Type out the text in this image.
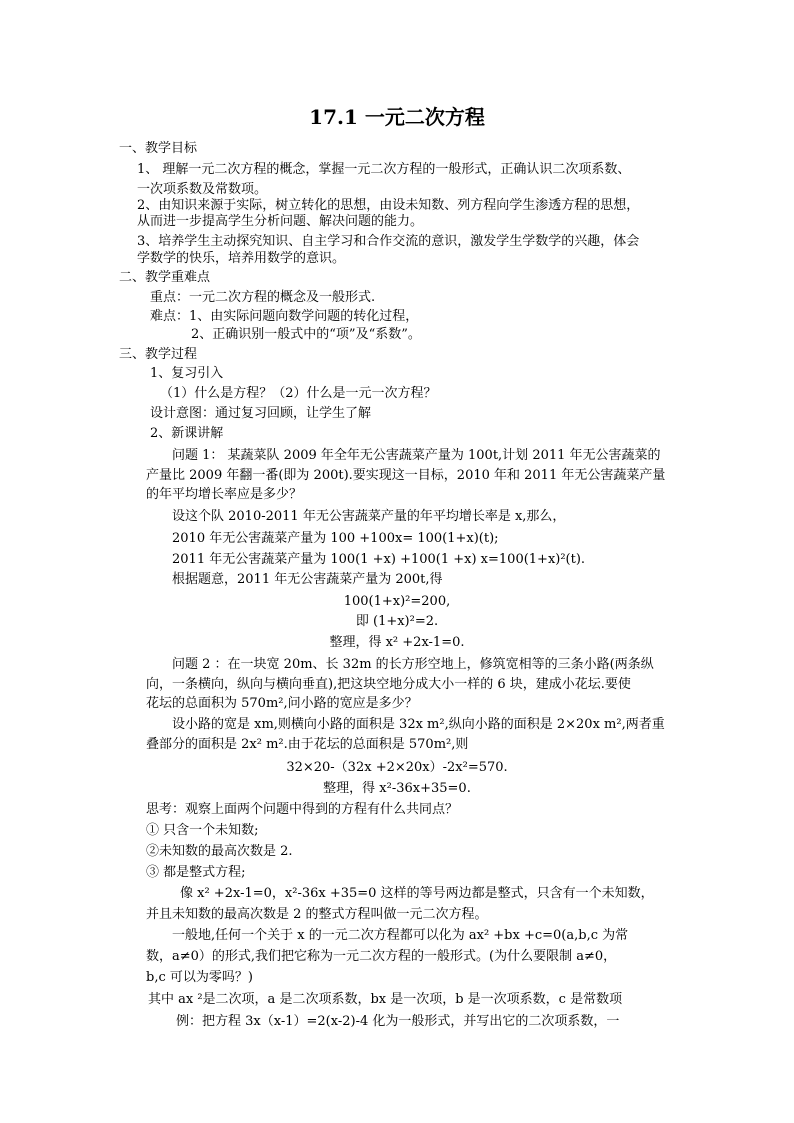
17.1 一元二次方程
一、教学目标
1、 理解一元二次方程的概念，掌握一元二次方程的一般形式，正确认识二次项系数、
一次项系数及常数项。
2、由知识来源于实际，树立转化的思想，由设未知数、列方程向学生渗透方程的思想，
从而进一步提高学生分析问题、解决问题的能力。
3、培养学生主动探究知识、自主学习和合作交流的意识，激发学生学数学的兴趣，体会
学数学的快乐，培养用数学的意识。
二、教学重难点
重点：一元二次方程的概念及一般形式.
难点：1、由实际问题向数学问题的转化过程，
2、正确识别一般式中的“项”及“系数”。
三、教学过程
1、复习引入
（1）什么是方程？（2）什么是一元一次方程？
设计意图：通过复习回顾，让学生了解
2、新课讲解
问题 1： 某蔬菜队 2009 年全年无公害蔬菜产量为 100t,计划 2011 年无公害蔬菜的
产量比 2009 年翻一番(即为 200t).要实现这一目标，2010 年和 2011 年无公害蔬菜产量
的年平均增长率应是多少？
设这个队 2010-2011 年无公害蔬菜产量的年平均增长率是 x,那么，
2010 年无公害蔬菜产量为 100 +100x= 100(1+x)(t);
2011 年无公害蔬菜产量为 100(1 +x) +100(1 +x) x=100(1+x)²(t).
根据题意，2011 年无公害蔬菜产量为 200t,得
100(1+x)²=200,
即 (1+x)²=2.
整理，得 x² +2x-1=0.
问题 2 ：在一块宽 20m、长 32m 的长方形空地上，修筑宽相等的三条小路(两条纵
向，一条横向，纵向与横向垂直),把这块空地分成大小一样的 6 块，建成小花坛.要使
花坛的总面积为 570m²,问小路的宽应是多少？
设小路的宽是 xm,则横向小路的面积是 32x m²,纵向小路的面积是 2×20x m²,两者重
叠部分的面积是 2x² m².由于花坛的总面积是 570m²,则
32×20-（32x +2×20x）-2x²=570.
整理，得 x²-36x+35=0.
思考：观察上面两个问题中得到的方程有什么共同点？
① 只含一个未知数;
②未知数的最高次数是 2.
③ 都是整式方程;
像 x² +2x-1=0，x²-36x +35=0 这样的等号两边都是整式，只含有一个未知数，
并且未知数的最高次数是 2 的整式方程叫做一元二次方程。
一般地,任何一个关于 x 的一元二次方程都可以化为 ax² +bx +c=0(a,b,c 为常
数，a≠0）的形式,我们把它称为一元二次方程的一般形式。(为什么要限制 a≠0，
b,c 可以为零吗？)
其中 ax ²是二次项，a 是二次项系数，bx 是一次项，b 是一次项系数，c 是常数项
例：把方程 3x（x-1）=2(x-2)-4 化为一般形式，并写出它的二次项系数，一
